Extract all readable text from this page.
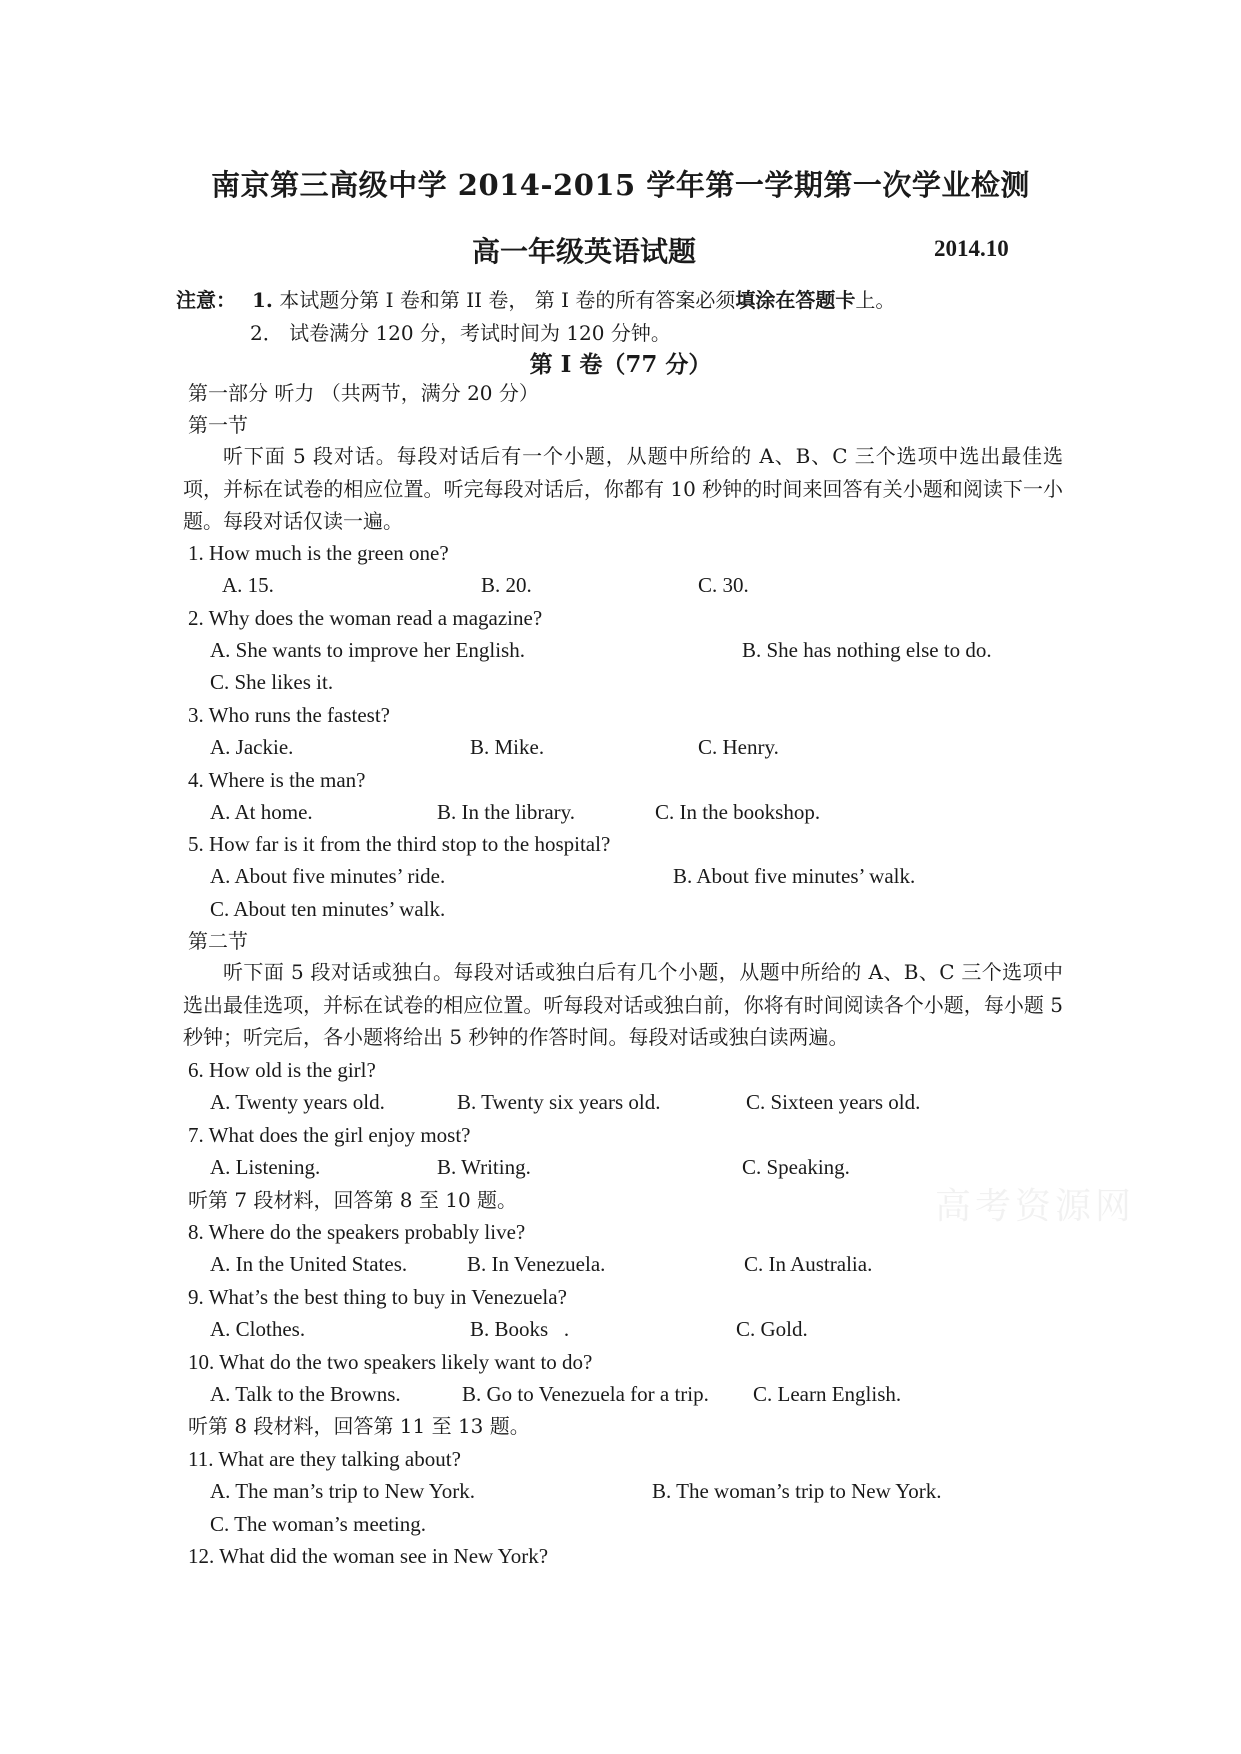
南京第三高级中学 2014-2015 学年第一学期第一次学业检测
高一年级英语试题	2014.10
注意： 1. 本试题分第 I 卷和第 II 卷， 第 I 卷的所有答案必须填涂在答题卡上。
2． 试卷满分 120 分，考试时间为 120 分钟。
第 I 卷（77 分）
第一部分 听力 （共两节，满分 20 分）
第一节
听下面 5 段对话。每段对话后有一个小题，从题中所给的 A、B、C 三个选项中选出最佳选项，并标在试卷的相应位置。听完每段对话后，你都有 10 秒钟的时间来回答有关小题和阅读下一小题。每段对话仅读一遍。
1. How much is the green one?
A. 15.	B. 20.	C. 30.
2. Why does the woman read a magazine?
A. She wants to improve her English.	B. She has nothing else to do.
C. She likes it.
3. Who runs the fastest?
A. Jackie.	B. Mike.	C. Henry.
4. Where is the man?
A. At home.	B. In the library.	C. In the bookshop.
5. How far is it from the third stop to the hospital?
A. About five minutes’ ride.	B. About five minutes’ walk.
C. About ten minutes’ walk.
第二节
听下面 5 段对话或独白。每段对话或独白后有几个小题，从题中所给的 A、B、C 三个选项中选出最佳选项，并标在试卷的相应位置。听每段对话或独白前，你将有时间阅读各个小题，每小题 5 秒钟；听完后，各小题将给出 5 秒钟的作答时间。每段对话或独白读两遍。
6. How old is the girl?
A. Twenty years old.	B. Twenty six years old.	C. Sixteen years old.
7. What does the girl enjoy most?
A. Listening.	B. Writing.	C. Speaking.
听第 7 段材料，回答第 8 至 10 题。
8. Where do the speakers probably live?
A. In the United States.	B. In Venezuela.	C. In Australia.
9. What’s the best thing to buy in Venezuela?
A. Clothes.	B. Books   .	C. Gold.
10. What do the two speakers likely want to do?
A. Talk to the Browns.	B. Go to Venezuela for a trip. C. Learn English.
听第 8 段材料，回答第 11 至 13 题。
11. What are they talking about?
A. The man’s trip to New York.	B. The woman’s trip to New York.
C. The woman’s meeting.
12. What did the woman see in New York?
高考资源网
